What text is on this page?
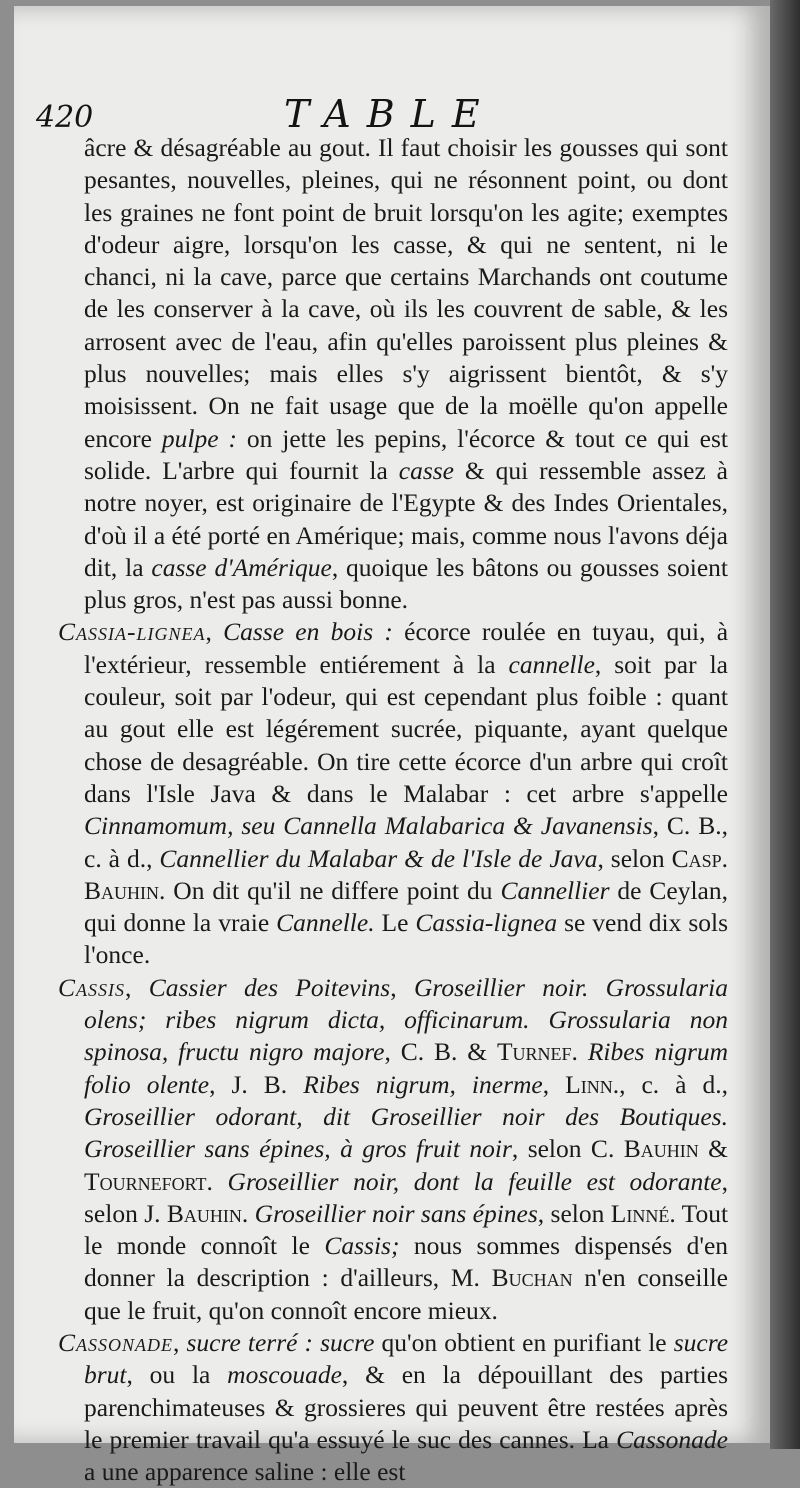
420	TABLE

âcre & désagréable au gout. Il faut choisir les gousses qui sont pesantes, nouvelles, pleines, qui ne résonnent point, ou dont les graines ne font point de bruit lorsqu'on les agite; exemptes d'odeur aigre, lorsqu'on les casse, & qui ne sentent, ni le chanci, ni la cave, parce que certains Marchands ont coutume de les conserver à la cave, où ils les couvrent de sable, & les arrosent avec de l'eau, afin qu'elles paroissent plus pleines & plus nouvelles; mais elles s'y aigrissent bientôt, & s'y moisissent. On ne fait usage que de la moëlle qu'on appelle encore pulpe : on jette les pepins, l'écorce & tout ce qui est solide. L'arbre qui fournit la casse & qui ressemble assez à notre noyer, est originaire de l'Egypte & des Indes Orientales, d'où il a été porté en Amérique; mais, comme nous l'avons déja dit, la casse d'Amérique, quoique les bâtons ou gousses soient plus gros, n'est pas aussi bonne.

Cassia-lignea, Casse en bois : écorce roulée en tuyau, qui, à l'extérieur, ressemble entiérement à la cannelle, soit par la couleur, soit par l'odeur, qui est cependant plus foible : quant au gout elle est légérement sucrée, piquante, ayant quelque chose de desagréable. On tire cette écorce d'un arbre qui croît dans l'Isle Java & dans le Malabar : cet arbre s'appelle Cinnamomum, seu Cannella Malabarica & Javanensis, C. B., c. à d., Cannellier du Malabar & de l'Isle de Java, selon Casp. Bauhin. On dit qu'il ne differe point du Cannellier de Ceylan, qui donne la vraie Cannelle. Le Cassia-lignea se vend dix sols l'once.

Cassis, Cassier des Poitevins, Groseillier noir. Grossularia olens; ribes nigrum dicta, officinarum. Grossularia non spinosa, fructu nigro majore, C. B. & Turnef. Ribes nigrum folio olente, J. B. Ribes nigrum, inerme, Linn., c. à d., Groseillier odorant, dit Groseillier noir des Boutiques. Groseillier sans épines, à gros fruit noir, selon C. Bauhin & Tournefort. Groseillier noir, dont la feuille est odorante, selon J. Bauhin. Groseillier noir sans épines, selon Linné. Tout le monde connoît le Cassis; nous sommes dispensés d'en donner la description : d'ailleurs, M. Buchan n'en conseille que le fruit, qu'on connoît encore mieux.

Cassonade, sucre terré : sucre qu'on obtient en purifiant le sucre brut, ou la moscouade, & en la dépouillant des parties parenchimateuses & grossieres qui peuvent être restées après le premier travail qu'a essuyé le suc des cannes. La Cassonade a une apparence saline : elle est
